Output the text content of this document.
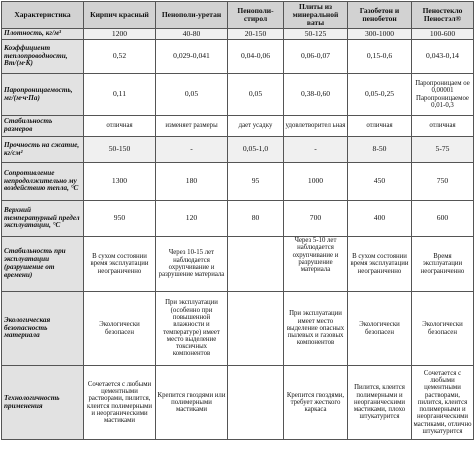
Характеристика	Кирпич красный	Пенополи-уретан	Пенополи-стирол	Плиты из минеральной ваты	Газобетон и пенобетон	Пеностекло Пеностэл®
Плотность, кг/м³	1200	40-80	20-150	50-125	300-1000	100-600
Коэффициент теплопроводности, Вт/(м·К)	0,52	0,029-0,041	0,04-0,06	0,06-0,07	0,15-0,6	0,043-0,14
Паропроницаемость, мг/(м·ч·Па)	0,11	0,05	0,05	0,38-0,60	0,05-0,25	Паропроницаем ое 0,00001 Паропроницаемое 0,01-0,3
Стабильность размеров	отличная	изменяет размеры	дает усадку	удовлетворител ьная	отличная	отличная
Прочность на сжатие, кг/см²	50-150	-	0,05-1,0	-	8-50	5-75
Сопротивление непродолжительно му воздействию тепла, °С	1300	180	95	1000	450	750
Верхний температурный предел эксплуатации, °С	950	120	80	700	400	600
Стабильность при эксплуатации (разрушение от времени)	В сухом состоянии время эксплуатации неограниченно	Через 10-15 лет наблюдается охрупчивание и разрушение материала		Через 5-10 лет наблюдается охрупчивание и разрушение материала	В сухом состоянии время эксплуатации неограниченно	Время эксплуатации неограниченно
Экологическая безопасность материала	Экологически безопасен	При эксплуатации (особенно при повышенной влажности и температуре) имеет место выделение токсичных компонентов		При эксплуатации имеет место выделение опасных пылевых и газовых компонентов	Экологически безопасен	Экологически безопасен
Технологичность применения	Сочетается с любыми цементными растворами, пилится, клеится полимерными и неорганическими мастиками	Крепится гвоздями или полимерными мастиками		Крепится гвоздями, требует жесткого каркаса	Пилится, клеится полимерными и неорганическими мастиками, плохо штукатурится	Сочетается с любыми цементными растворами, пилится, клеится полимерными и неорганическими мастиками, отлично штукатурится
